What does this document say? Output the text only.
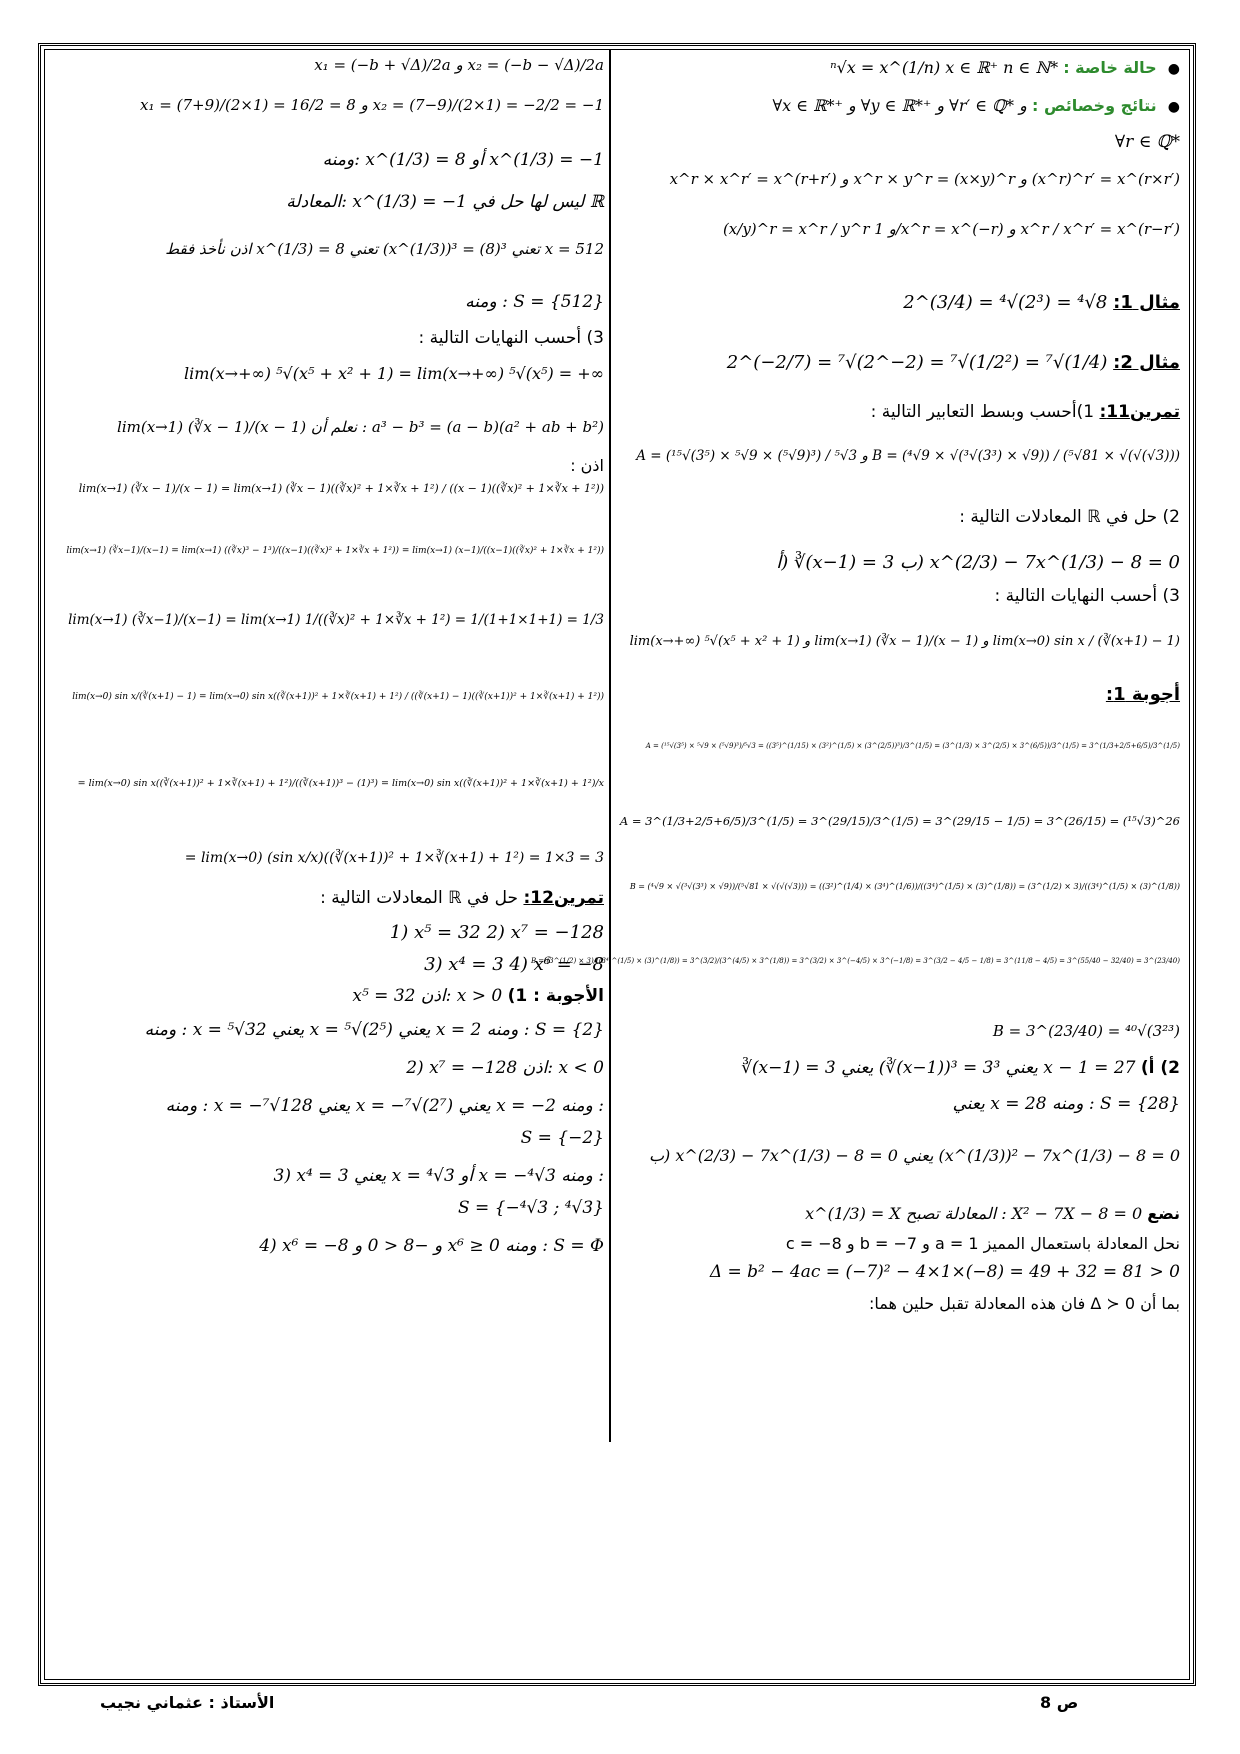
● حالة خاصة : ⁿ√x = x^(1/n) x ∈ ℝ⁺ n ∈ ℕ*
● نتائج وخصائص : ∀x ∈ ℝ*⁺ و ∀y ∈ ℝ*⁺ و ∀r′ ∈ ℚ* و
∀r ∈ ℚ*
x^r × x^r′ = x^(r+r′) و x^r × y^r = (x×y)^r و (x^r)^r′ = x^(r×r′)
(x/y)^r = x^r / y^r و 1/x^r = x^(−r) و x^r / x^r′ = x^(r−r′)
مثال 1: 2^(3/4) = ⁴√(2³) = ⁴√8
مثال 2: 2^(−2/7) = ⁷√(2^−2) = ⁷√(1/2²) = ⁷√(1/4)
تمرين11: 1)أحسب وبسط التعابير التالية :
A = (¹⁵√(3⁵) × ⁵√9 × (⁵√9)³) / ⁵√3 و B = (⁴√9 × √(³√(3³) × √9)) / (⁵√81 × √(√(√3)))
2) حل في ℝ المعادلات التالية :
أ) ∛(x−1) = 3 ب) x^(2/3) − 7x^(1/3) − 8 = 0
3) أحسب النهايات التالية :
lim(x→+∞) ⁵√(x⁵ + x² + 1) و lim(x→1) (∛x − 1)/(x − 1) و lim(x→0) sin x / (∛(x+1) − 1)
أجوبة 1:
A = (¹⁵√(3⁵) × ⁵√9 × (⁵√9)³)/⁵√3 = ((3⁵)^(1/15) × (3²)^(1/5) × (3^(2/5))³)/3^(1/5) = (3^(1/3) × 3^(2/5) × 3^(6/5))/3^(1/5) = 3^(1/3+2/5+6/5)/3^(1/5)
A = 3^(1/3+2/5+6/5)/3^(1/5) = 3^(29/15)/3^(1/5) = 3^(29/15 − 1/5) = 3^(26/15) = (¹⁵√3)^26
B = (⁴√9 × √(³√(3³) × √9))/(⁵√81 × √(√(√3))) = ((3²)^(1/4) × (3⁴)^(1/6))/((3⁴)^(1/5) × (3)^(1/8)) = (3^(1/2) × 3)/((3⁴)^(1/5) × (3)^(1/8))
B = (3^(1/2) × 3)/((3⁴)^(1/5) × (3)^(1/8)) = 3^(3/2)/(3^(4/5) × 3^(1/8)) = 3^(3/2) × 3^(−4/5) × 3^(−1/8) = 3^(3/2 − 4/5 − 1/8) = 3^(11/8 − 4/5) = 3^(55/40 − 32/40) = 3^(23/40)
B = 3^(23/40) = ⁴⁰√(3²³)
2) أ) ∛(x−1) = 3 يعني (∛(x−1))³ = 3³ يعني x − 1 = 27
يعني x = 28 ومنه : S = {28}
ب) x^(2/3) − 7x^(1/3) − 8 = 0 يعني (x^(1/3))² − 7x^(1/3) − 8 = 0
نضع x^(1/3) = X المعادلة تصبح : X² − 7X − 8 = 0
نحل المعادلة باستعمال المميز a = 1 و b = −7 و c = −8
Δ = b² − 4ac = (−7)² − 4×1×(−8) = 49 + 32 = 81 > 0
بما أن Δ ≻ 0 فان هذه المعادلة تقبل حلين هما:
x₁ = (−b + √Δ)/2a و x₂ = (−b − √Δ)/2a
x₁ = (7+9)/(2×1) = 16/2 = 8 و x₂ = (7−9)/(2×1) = −2/2 = −1
ومنه: x^(1/3) = 8 أو x^(1/3) = −1
المعادلة: x^(1/3) = −1 ليس لها حل في ℝ
اذن نأخذ فقط x^(1/3) = 8 تعني (x^(1/3))³ = (8)³ تعني x = 512
ومنه : S = {512}
3) أحسب النهايات التالية :
lim(x→+∞) ⁵√(x⁵ + x² + 1) = lim(x→+∞) ⁵√(x⁵) = +∞
lim(x→1) (∛x − 1)/(x − 1) نعلم أن : a³ − b³ = (a − b)(a² + ab + b²)
اذن :
lim(x→1) (∛x − 1)/(x − 1) = lim(x→1) (∛x − 1)((∛x)² + 1×∛x + 1²) / ((x − 1)((∛x)² + 1×∛x + 1²))
lim(x→1) (∛x−1)/(x−1) = lim(x→1) ((∛x)³ − 1³)/((x−1)((∛x)² + 1×∛x + 1²)) = lim(x→1) (x−1)/((x−1)((∛x)² + 1×∛x + 1²))
lim(x→1) (∛x−1)/(x−1) = lim(x→1) 1/((∛x)² + 1×∛x + 1²) = 1/(1+1×1+1) = 1/3
lim(x→0) sin x/(∛(x+1) − 1) = lim(x→0) sin x((∛(x+1))² + 1×∛(x+1) + 1²) / ((∛(x+1) − 1)((∛(x+1))² + 1×∛(x+1) + 1²))
= lim(x→0) sin x((∛(x+1))² + 1×∛(x+1) + 1²)/((∛(x+1))³ − (1)³) = lim(x→0) sin x((∛(x+1))² + 1×∛(x+1) + 1²)/x
= lim(x→0) (sin x/x)((∛(x+1))² + 1×∛(x+1) + 1²) = 1×3 = 3
تمرين12: حل في ℝ المعادلات التالية :
1) x⁵ = 32 2) x⁷ = −128
3) x⁴ = 3 4) x⁶ = −8
الأجوبة : 1) x⁵ = 32 اذن: x > 0
ومنه : x = ⁵√32 يعني x = ⁵√(2⁵) يعني x = 2 ومنه : S = {2}
2) x⁷ = −128 اذن: x < 0
ومنه : x = −⁷√128 يعني x = −⁷√(2⁷) يعني x = −2 ومنه :
S = {−2}
3) x⁴ = 3 يعني x = ⁴√3 أو x = −⁴√3 ومنه :
S = {−⁴√3 ; ⁴√3}
4) x⁶ = −8 و −8 < 0 و x⁶ ≥ 0 ومنه : S = Φ
ص 8
الأستاذ : عثماني نجيب
